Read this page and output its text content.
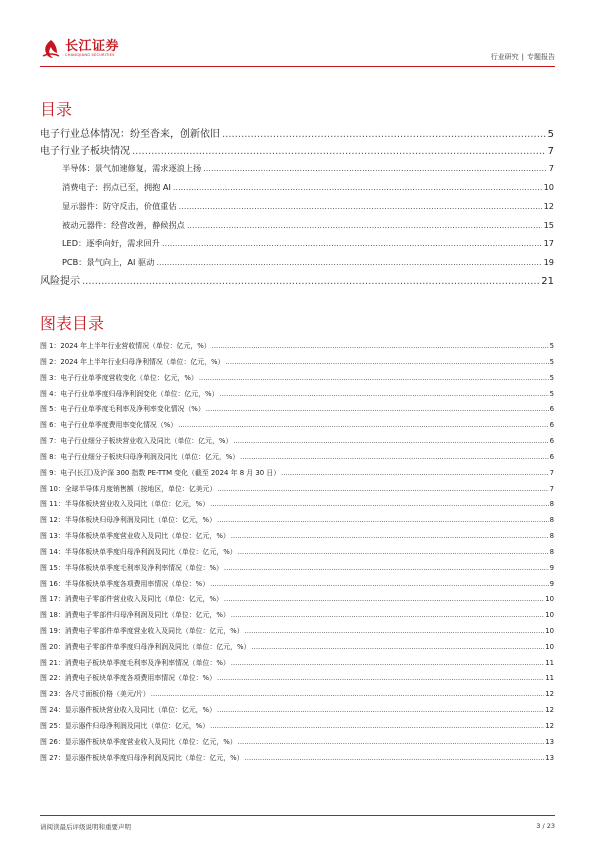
长江证券
CHANGJIANG SECURITIES	行业研究 | 专题报告
目录
电子行业总体情况：纷至沓来，创新依旧 .....	5
电子行业子板块情况 .....	7
半导体：景气加速修复，需求逐浪上扬 .....	7
消费电子：拐点已至，拥抱 AI .....	10
显示器件：防守反击，价值重估 .....	12
被动元器件：经营改善，静候拐点 .....	15
LED：逐季向好，需求回升 .....	17
PCB：景气向上，AI 驱动 .....	19
风险提示 .....	21
图表目录
图 1：2024 年上半年行业营收情况（单位：亿元，%） .....	5
图 2：2024 年上半年行业归母净利情况（单位：亿元，%） .....	5
图 3：电子行业单季度营收变化（单位：亿元，%） .....	5
图 4：电子行业单季度归母净利润变化（单位：亿元，%） .....	5
图 5：电子行业单季度毛利率及净利率变化情况（%） .....	6
图 6：电子行业单季度费用率变化情况（%） .....	6
图 7：电子行业细分子板块营业收入及同比（单位：亿元，%） .....	6
图 8：电子行业细分子板块归母净利润及同比（单位：亿元，%） .....	6
图 9：电子(长江)及沪深 300 指数 PE-TTM 变化（截至 2024 年 8 月 30 日） .....	7
图 10：全球半导体月度销售额（按地区，单位：亿美元） .....	7
图 11：半导体板块营业收入及同比（单位：亿元，%） .....	8
图 12：半导体板块归母净利润及同比（单位：亿元，%） .....	8
图 13：半导体板块单季度营业收入及同比（单位：亿元，%） .....	8
图 14：半导体板块单季度归母净利润及同比（单位：亿元，%） .....	8
图 15：半导体板块单季度毛利率及净利率情况（单位：%） .....	9
图 16：半导体板块单季度各项费用率情况（单位：%） .....	9
图 17：消费电子零部件营业收入及同比（单位：亿元，%） .....	10
图 18：消费电子零部件归母净利润及同比（单位：亿元，%） .....	10
图 19：消费电子零部件单季度营业收入及同比（单位：亿元，%） .....	10
图 20：消费电子零部件单季度归母净利润及同比（单位：亿元，%） .....	10
图 21：消费电子板块单季度毛利率及净利率情况（单位：%） .....	11
图 22：消费电子板块单季度各项费用率情况（单位：%） .....	11
图 23：各尺寸面板价格（美元/片） .....	12
图 24：显示器件板块营业收入及同比（单位：亿元，%） .....	12
图 25：显示器件归母净利润及同比（单位：亿元，%） .....	12
图 26：显示器件板块单季度营业收入及同比（单位：亿元，%） .....	13
图 27：显示器件板块单季度归母净利润及同比（单位：亿元，%） .....	13
请阅读最后评级说明和重要声明	3 / 23
